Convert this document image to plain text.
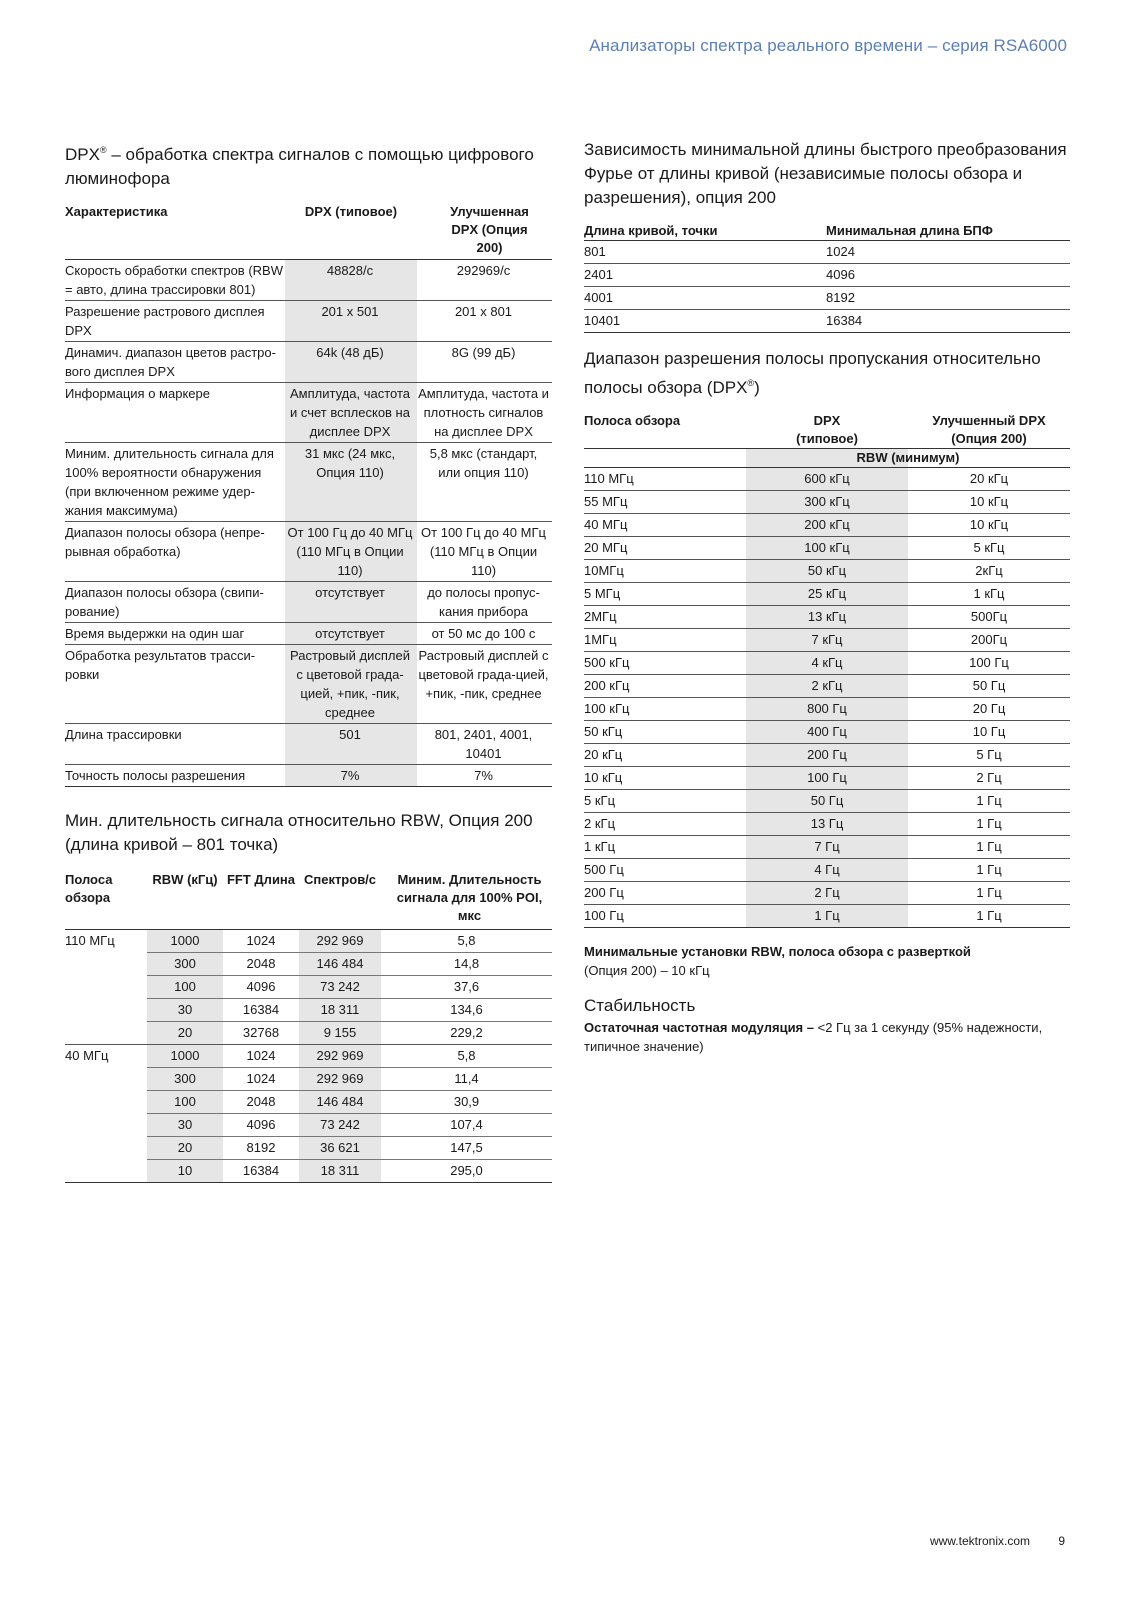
Анализаторы спектра реального времени – серия RSA6000
DPX® – обработка спектра сигналов с помощью цифрового люминофора
Характеристика	DPX (типовое)	Улучшенная DPX (Опция 200)
Скорость обработки спектров (RBW = авто, длина трассировки 801)	48828/с	292969/с
Разрешение растрового дисплея DPX	201 x 501	201 x 801
Динамич. диапазон цветов растро-вого дисплея DPX	64k (48 дБ)	8G (99 дБ)
Информация о маркере	Амплитуда, частота и счет всплесков на дисплее DPX	Амплитуда, частота и плотность сигналов на дисплее DPX
Миним. длительность сигнала для 100% вероятности обнаружения (при включенном режиме удер-жания максимума)	31 мкс (24 мкс, Опция 110)	5,8 мкс (стандарт, или опция 110)
Диапазон полосы обзора (непре-рывная обработка)	От 100 Гц до 40 МГц (110 МГц в Опции 110)	От 100 Гц до 40 МГц (110 МГц в Опции 110)
Диапазон полосы обзора (свипи-рование)	отсутствует	до полосы пропус-кания прибора
Время выдержки на один шаг	отсутствует	от 50 мс до 100 с
Обработка результатов трасси-ровки	Растровый дисплей с цветовой града-цией, +пик, -пик, среднее	Растровый дисплей с цветовой града-цией, +пик, -пик, среднее
Длина трассировки	501	801, 2401, 4001, 10401
Точность полосы разрешения	7%	7%
Мин. длительность сигнала относительно RBW, Опция 200 (длина кривой – 801 точка)
Полоса обзора	RBW (кГц)	FFT Длина	Спектров/с	Миним. Длительность сигнала для 100% POI, мкс
110 МГц	1000	1024	292 969	5,8
	300	2048	146 484	14,8
	100	4096	73 242	37,6
	30	16384	18 311	134,6
	20	32768	9 155	229,2
40 МГц	1000	1024	292 969	5,8
	300	1024	292 969	11,4
	100	2048	146 484	30,9
	30	4096	73 242	107,4
	20	8192	36 621	147,5
	10	16384	18 311	295,0
Зависимость минимальной длины быстрого преобразования Фурье от длины кривой (независимые полосы обзора и разрешения), опция 200
Длина кривой, точки	Минимальная длина БПФ
801	1024
2401	4096
4001	8192
10401	16384
Диапазон разрешения полосы пропускания относительно полосы обзора (DPX®)
Полоса обзора	DPX (типовое)	Улучшенный DPX (Опция 200)
	RBW (минимум)	
110 МГц	600 кГц	20 кГц
55 МГц	300 кГц	10 кГц
40 МГц	200 кГц	10 кГц
20 МГц	100 кГц	5 кГц
10МГц	50 кГц	2кГц
5 МГц	25 кГц	1 кГц
2МГц	13 кГц	500Гц
1МГц	7 кГц	200Гц
500 кГц	4 кГц	100 Гц
200 кГц	2 кГц	50 Гц
100 кГц	800 Гц	20 Гц
50 кГц	400 Гц	10 Гц
20 кГц	200 Гц	5 Гц
10 кГц	100 Гц	2 Гц
5 кГц	50 Гц	1 Гц
2 кГц	13 Гц	1 Гц
1 кГц	7 Гц	1 Гц
500 Гц	4 Гц	1 Гц
200 Гц	2 Гц	1 Гц
100 Гц	1 Гц	1 Гц
Минимальные установки RBW, полоса обзора с разверткой
(Опция 200) – 10 кГц
Стабильность
Остаточная частотная модуляция – <2 Гц за 1 секунду (95% надежности, типичное значение)
www.tektronix.com 9
